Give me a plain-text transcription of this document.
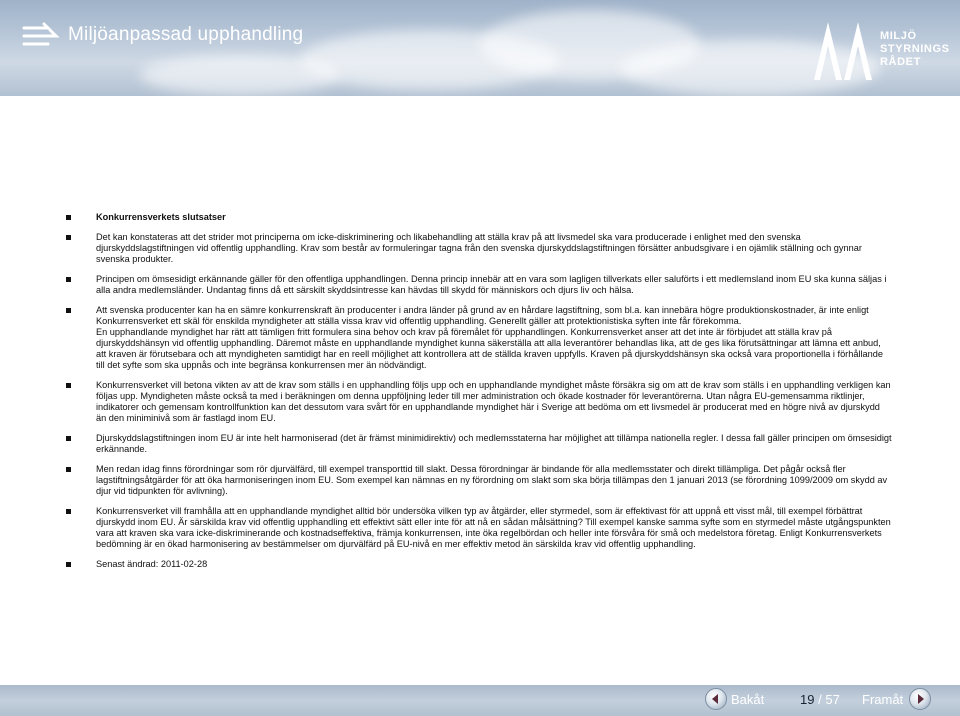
Miljöanpassad upphandling	MILJÖ
STYRNINGS
RÅDET

Konkurrensverkets slutsatser

Det kan konstateras att det strider mot principerna om icke-diskriminering och likabehandling att ställa krav på att livsmedel ska vara producerade i enlighet med den svenska djurskyddslagstiftningen vid offentlig upphandling. Krav som består av formuleringar tagna från den svenska djurskyddslagstiftningen försätter anbudsgivare i en ojämlik ställning och gynnar svenska produkter.

Principen om ömsesidigt erkännande gäller för den offentliga upphandlingen. Denna princip innebär att en vara som lagligen tillverkats eller saluförts i ett medlemsland inom EU ska kunna säljas i alla andra medlemsländer. Undantag finns då ett särskilt skyddsintresse kan hävdas till skydd för människors och djurs liv och hälsa.

Att svenska producenter kan ha en sämre konkurrenskraft än producenter i andra länder på grund av en hårdare lagstiftning, som bl.a. kan innebära högre produktionskostnader, är inte enligt Konkurrensverket ett skäl för enskilda myndigheter att ställa vissa krav vid offentlig upphandling. Generellt gäller att protektionistiska syften inte får förekomma.

En upphandlande myndighet har rätt att tämligen fritt formulera sina behov och krav på föremålet för upphandlingen. Konkurrensverket anser att det inte är förbjudet att ställa krav på djurskyddshänsyn vid offentlig upphandling. Däremot måste en upphandlande myndighet kunna säkerställa att alla leverantörer behandlas lika, att de ges lika förutsättningar att lämna ett anbud, att kraven är förutsebara och att myndigheten samtidigt har en reell möjlighet att kontrollera att de ställda kraven uppfylls. Kraven på djurskyddshänsyn ska också vara proportionella i förhållande till det syfte som ska uppnås och inte begränsa konkurrensen mer än nödvändigt.

Konkurrensverket vill betona vikten av att de krav som ställs i en upphandling följs upp och en upphandlande myndighet måste försäkra sig om att de krav som ställs i en upphandling verkligen kan följas upp. Myndigheten måste också ta med i beräkningen om denna uppföljning leder till mer administration och ökade kostnader för leverantörerna. Utan några EU-gemensamma riktlinjer, indikatorer och gemensam kontrollfunktion kan det dessutom vara svårt för en upphandlande myndighet här i Sverige att bedöma om ett livsmedel är producerat med en högre nivå av djurskydd än den miniminivå som är fastlagd inom EU.

Djurskyddslagstiftningen inom EU är inte helt harmoniserad (det är främst minimidirektiv) och medlemsstaterna har möjlighet att tillämpa nationella regler. I dessa fall gäller principen om ömsesidigt erkännande.

Men redan idag finns förordningar som rör djurvälfärd, till exempel transporttid till slakt. Dessa förordningar är bindande för alla medlemsstater och direkt tillämpliga. Det pågår också fler lagstiftningsåtgärder för att öka harmoniseringen inom EU. Som exempel kan nämnas en ny förordning om slakt som ska börja tillämpas den 1 januari 2013 (se förordning 1099/2009 om skydd av djur vid tidpunkten för avlivning).

Konkurrensverket vill framhålla att en upphandlande myndighet alltid bör undersöka vilken typ av åtgärder, eller styrmedel, som är effektivast för att uppnå ett visst mål, till exempel förbättrat djurskydd inom EU. Är särskilda krav vid offentlig upphandling ett effektivt sätt eller inte för att nå en sådan målsättning? Till exempel kanske samma syfte som en styrmedel måste utgångspunkten vara att kraven ska vara icke-diskriminerande och kostnadseffektiva, främja konkurrensen, inte öka regelbördan och heller inte försvåra för små och medelstora företag. Enligt Konkurrensverkets bedömning är en ökad harmonisering av bestämmelser om djurvälfärd på EU-nivå en mer effektiv metod än särskilda krav vid offentlig upphandling.

Senast ändrad: 2011-02-28

Bakåt	19 / 57 Framåt
